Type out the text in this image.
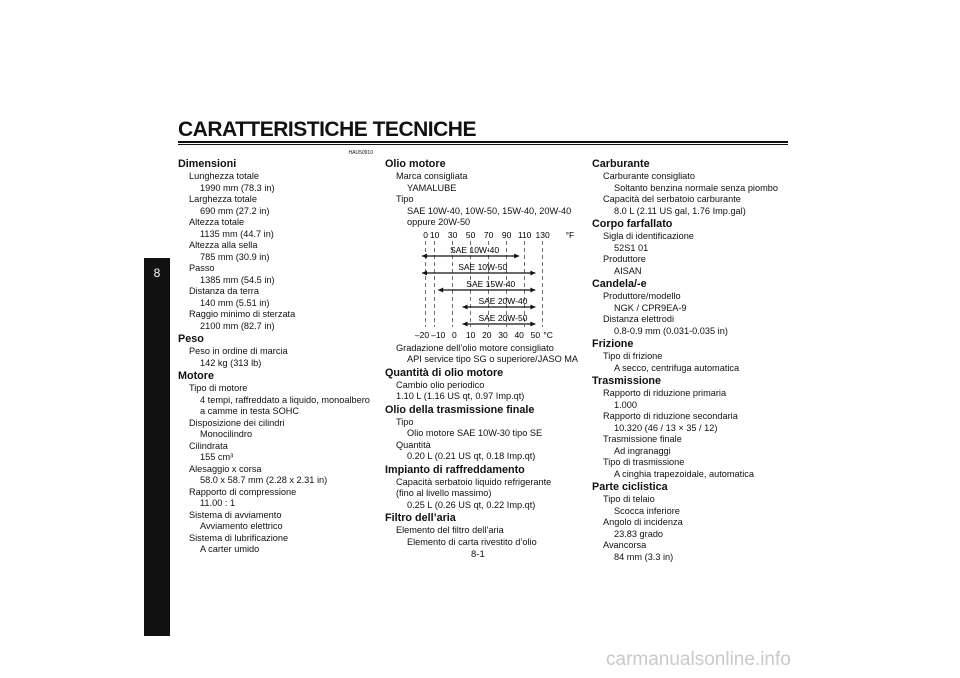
CARATTERISTICHE TECNICHE
8
HAU50910
Dimensioni
Lunghezza totale
1990 mm (78.3 in)
Larghezza totale
690 mm (27.2 in)
Altezza totale
1135 mm (44.7 in)
Altezza alla sella
785 mm (30.9 in)
Passo
1385 mm (54.5 in)
Distanza da terra
140 mm (5.51 in)
Raggio minimo di sterzata
2100 mm (82.7 in)
Peso
Peso in ordine di marcia
142 kg (313 lb)
Motore
Tipo di motore
4 tempi, raffreddato a liquido, monoalbero
a camme in testa SOHC
Disposizione dei cilindri
Monocilindro
Cilindrata
155 cm³
Alesaggio x corsa
58.0 x 58.7 mm (2.28 x 2.31 in)
Rapporto di compressione
11.00 : 1
Sistema di avviamento
Avviamento elettrico
Sistema di lubrificazione
A carter umido
Olio motore
Marca consigliata
YAMALUBE
Tipo
SAE 10W-40, 10W-50, 15W-40, 20W-40
oppure 20W-50
0 10 30 50 70 90 110 130 °F
–20 –10 0 10 20 30 40 50 °C
SAE 10W-40
SAE 10W-50
SAE 15W-40
SAE 20W-40
SAE 20W-50
Gradazione dell’olio motore consigliato
API service tipo SG o superiore/JASO MA
Quantità di olio motore
Cambio olio periodico
1.10 L (1.16 US qt, 0.97 Imp.qt)
Olio della trasmissione finale
Tipo
Olio motore SAE 10W-30 tipo SE
Quantità
0.20 L (0.21 US qt, 0.18 Imp.qt)
Impianto di raffreddamento
Capacità serbatoio liquido refrigerante
(fino al livello massimo)
0.25 L (0.26 US qt, 0.22 Imp.qt)
Filtro dell’aria
Elemento del filtro dell’aria
Elemento di carta rivestito d’olio
Carburante
Carburante consigliato
Soltanto benzina normale senza piombo
Capacità del serbatoio carburante
8.0 L (2.11 US gal, 1.76 Imp.gal)
Corpo farfallato
Sigla di identificazione
52S1 01
Produttore
AISAN
Candela/-e
Produttore/modello
NGK / CPR9EA-9
Distanza elettrodi
0.8-0.9 mm (0.031-0.035 in)
Frizione
Tipo di frizione
A secco, centrifuga automatica
Trasmissione
Rapporto di riduzione primaria
1.000
Rapporto di riduzione secondaria
10.320 (46 / 13 × 35 / 12)
Trasmissione finale
Ad ingranaggi
Tipo di trasmissione
A cinghia trapezoidale, automatica
Parte ciclistica
Tipo di telaio
Scocca inferiore
Angolo di incidenza
23.83 grado
Avancorsa
84 mm (3.3 in)
8-1
carmanualsonline.info
